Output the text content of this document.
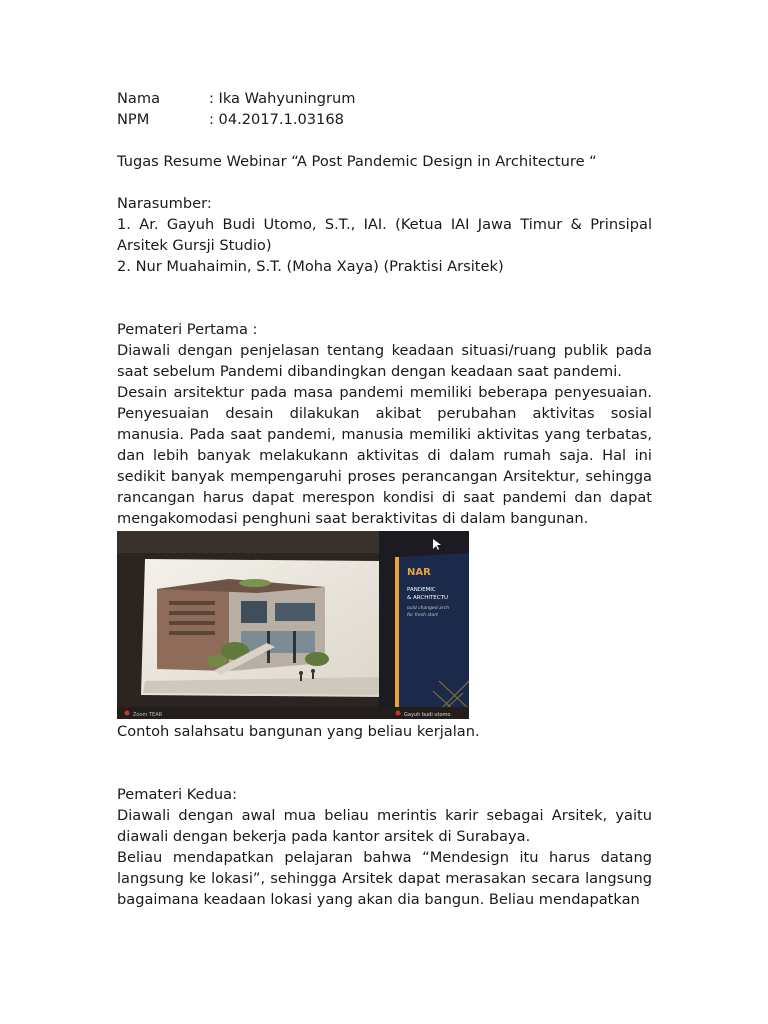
Nama	: Ika Wahyuningrum
NPM	: 04.2017.1.03168

Tugas Resume Webinar “A Post Pandemic Design in Architecture “

Narasumber:

1. Ar. Gayuh Budi Utomo, S.T., IAI. (Ketua IAI Jawa Timur & Prinsipal Arsitek Gursji Studio)

2. Nur Muahaimin, S.T. (Moha Xaya) (Praktisi Arsitek)

Pemateri Pertama :

Diawali dengan penjelasan tentang keadaan situasi/ruang publik pada saat sebelum Pandemi dibandingkan dengan keadaan saat pandemi.

Desain arsitektur pada masa pandemi memiliki beberapa penyesuaian. Penyesuaian desain dilakukan akibat perubahan aktivitas sosial manusia. Pada saat pandemi, manusia memiliki aktivitas yang terbatas, dan lebih banyak melakukann aktivitas di dalam rumah saja. Hal ini sedikit banyak mempengaruhi proses perancangan Arsitektur, sehingga rancangan harus dapat merespon kondisi di saat pandemi dan dapat mengakomodasi penghuni saat beraktivitas di dalam bangunan.

NAR
PANDEMIC
& ARCHITECTU
ould changed arch
for fresh start
Zoom TEAR	Gayuh budi utomo

Contoh salahsatu bangunan yang beliau kerjalan.

Pemateri Kedua:

Diawali dengan awal mua beliau merintis karir sebagai Arsitek, yaitu diawali dengan bekerja pada kantor arsitek di Surabaya.

Beliau mendapatkan pelajaran bahwa “Mendesign itu harus datang langsung ke lokasi”, sehingga Arsitek dapat merasakan secara langsung bagaimana keadaan lokasi yang akan dia bangun. Beliau mendapatkan
